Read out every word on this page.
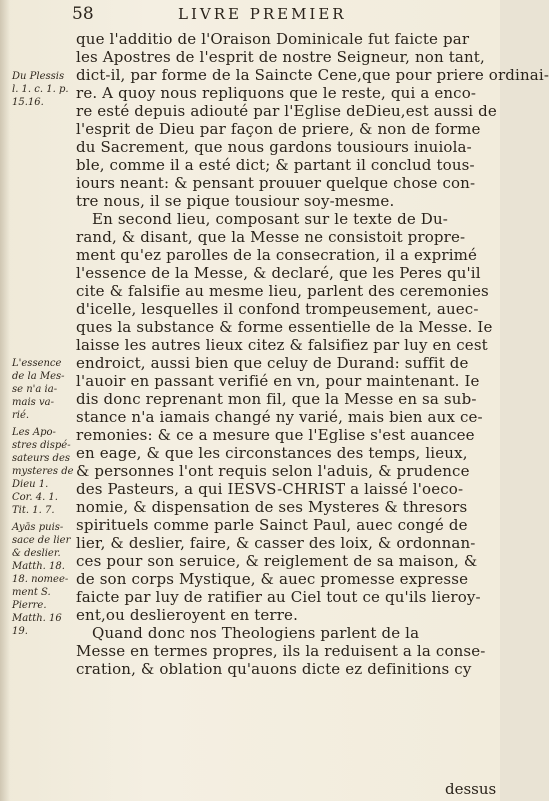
58	LIVRE PREMIER
que l'additio de l'Oraison Dominicale fut faicte par
les Apostres de l'esprit de nostre Seigneur, non tant,
dict-il, par forme de la Saincte Cene,que pour priere ordinai-
re. A quoy nous repliquons que le reste, qui a enco-
re esté depuis adiouté par l'Eglise deDieu,est aussi de
l'esprit de Dieu par façon de priere, & non de forme
du Sacrement, que nous gardons tousiours inuiola-
ble, comme il a esté dict; & partant il conclud tous-
iours neant: & pensant prouuer quelque chose con-
tre nous, il se pique tousiour soy-mesme.
En second lieu, composant sur le texte de Du-
rand, & disant, que la Messe ne consistoit propre-
ment qu'ez parolles de la consecration, il a exprimé
l'essence de la Messe, & declaré, que les Peres qu'il
cite & falsifie au mesme lieu, parlent des ceremonies
d'icelle, lesquelles il confond trompeusement, auec-
ques la substance & forme essentielle de la Messe. Ie
laisse les autres lieux citez & falsifiez par luy en cest
endroict, aussi bien que celuy de Durand: suffit de
l'auoir en passant verifié en vn, pour maintenant. Ie
dis donc reprenant mon fil, que la Messe en sa sub-
stance n'a iamais changé ny varié, mais bien aux ce-
remonies: & ce a mesure que l'Eglise s'est auancee
en eage, & que les circonstances des temps, lieux,
& personnes l'ont requis selon l'aduis, & prudence
des Pasteurs, a qui IESVS-CHRIST a laissé l'oeco-
nomie, & dispensation de ses Mysteres & thresors
spirituels comme parle Sainct Paul, auec congé de
lier, & deslier, faire, & casser des loix, & ordonnan-
ces pour son seruice, & reiglement de sa maison, &
de son corps Mystique, & auec promesse expresse
faicte par luy de ratifier au Ciel tout ce qu'ils lieroy-
ent,ou deslieroyent en terre.
Quand donc nos Theologiens parlent de la
Messe en termes propres, ils la reduisent a la conse-
cration, & oblation qu'auons dicte ez definitions cy
Du Plessis
l. 1. c. 1. p.
15.16.
L'essence
de la Mes-
se n'a ia-
mais va-
rié.
Les Apo-
stres dispé-
sateurs des
mysteres de
Dieu 1.
Cor. 4. 1.
Tit. 1. 7.
Ayās puis-
sace de lier
& deslier.
Matth. 18.
18. nomee-
ment S.
Pierre.
Matth. 16
19.
dessus
